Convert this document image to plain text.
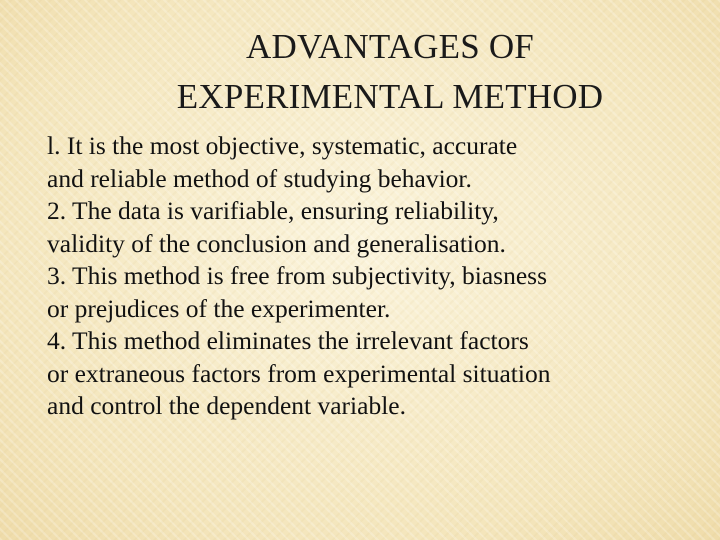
ADVANTAGES OF
EXPERIMENTAL METHOD
l. It is the most objective, systematic, accurate
and reliable method of studying behavior.
2. The data is varifiable, ensuring reliability,
validity of the conclusion and generalisation.
3. This method is free from subjectivity, biasness
or prejudices of the experimenter.
4. This method eliminates the irrelevant factors
or extraneous factors from experimental situation
and control the dependent variable.
